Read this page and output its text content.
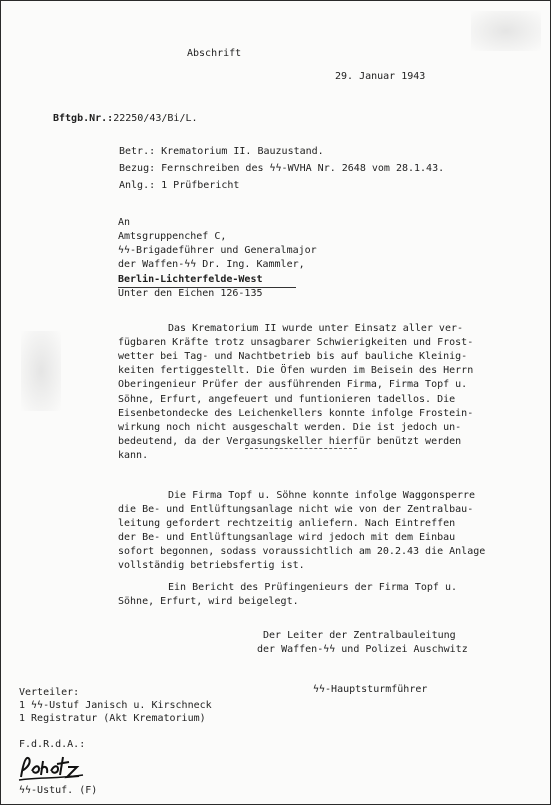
Abschrift
29. Januar 1943
Bftgb.Nr.:22250/43/Bi/L.
Betr.: Krematorium II. Bauzustand.
Bezug: Fernschreiben des ϟϟ-WVHA Nr. 2648 vom 28.1.43.
Anlg.: 1 Prüfbericht
An
Amtsgruppenchef C,
ϟϟ-Brigadeführer und Generalmajor
der Waffen-ϟϟ Dr. Ing. Kammler,
Berlin-Lichterfelde-West
Unter den Eichen 126-135
Das Krematorium II wurde unter Einsatz aller ver-
fügbaren Kräfte trotz unsagbarer Schwierigkeiten und Frost-
wetter bei Tag- und Nachtbetrieb bis auf bauliche Kleinig-
keiten fertiggestellt. Die Öfen wurden im Beisein des Herrn
Oberingenieur Prüfer der ausführenden Firma, Firma Topf u.
Söhne, Erfurt, angefeuert und funtionieren tadellos. Die
Eisenbetondecke des Leichenkellers konnte infolge Frostein-
wirkung noch nicht ausgeschalt werden. Die ist jedoch un-
bedeutend, da der Vergasungskeller hierfür benützt werden
kann.
Die Firma Topf u. Söhne konnte infolge Waggonsperre
die Be- und Entlüftungsanlage nicht wie von der Zentralbau-
leitung gefordert rechtzeitig anliefern. Nach Eintreffen
der Be- und Entlüftungsanlage wird jedoch mit dem Einbau
sofort begonnen, sodass voraussichtlich am 20.2.43 die Anlage
vollständig betriebsfertig ist.
Ein Bericht des Prüfingenieurs der Firma Topf u.
Söhne, Erfurt, wird beigelegt.
Der Leiter der Zentralbauleitung
der Waffen-ϟϟ und Polizei Auschwitz
ϟϟ-Hauptsturmführer
Verteiler:
1 ϟϟ-Ustuf Janisch u. Kirschneck
1 Registratur (Akt Krematorium)
F.d.R.d.A.:
ϟϟ-Ustuf. (F)
